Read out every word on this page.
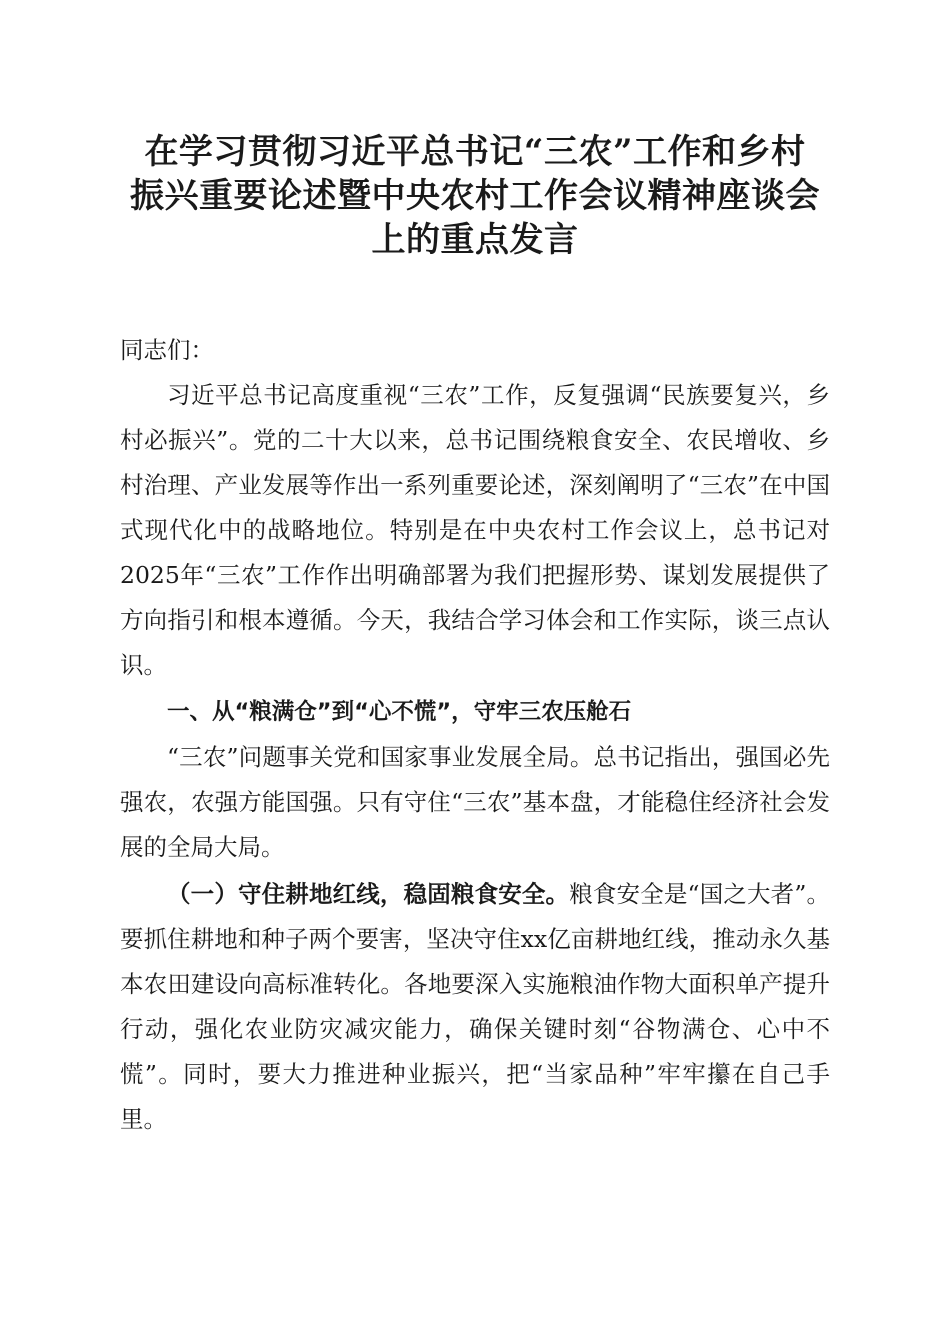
在学习贯彻习近平总书记“三农”工作和乡村
振兴重要论述暨中央农村工作会议精神座谈会
上的重点发言

同志们：

习近平总书记高度重视“三农”工作，反复强调“民族要复兴，乡村必振兴”。党的二十大以来，总书记围绕粮食安全、农民增收、乡村治理、产业发展等作出一系列重要论述，深刻阐明了“三农”在中国式现代化中的战略地位。特别是在中央农村工作会议上，总书记对2025年“三农”工作作出明确部署为我们把握形势、谋划发展提供了方向指引和根本遵循。今天，我结合学习体会和工作实际，谈三点认识。

一、从“粮满仓”到“心不慌”，守牢三农压舱石

“三农”问题事关党和国家事业发展全局。总书记指出，强国必先强农，农强方能国强。只有守住“三农”基本盘，才能稳住经济社会发展的全局大局。

（一）守住耕地红线，稳固粮食安全。粮食安全是“国之大者”。要抓住耕地和种子两个要害，坚决守住xx亿亩耕地红线，推动永久基本农田建设向高标准转化。各地要深入实施粮油作物大面积单产提升行动，强化农业防灾减灾能力，确保关键时刻“谷物满仓、心中不慌”。同时，要大力推进种业振兴，把“当家品种”牢牢攥在自己手里。
